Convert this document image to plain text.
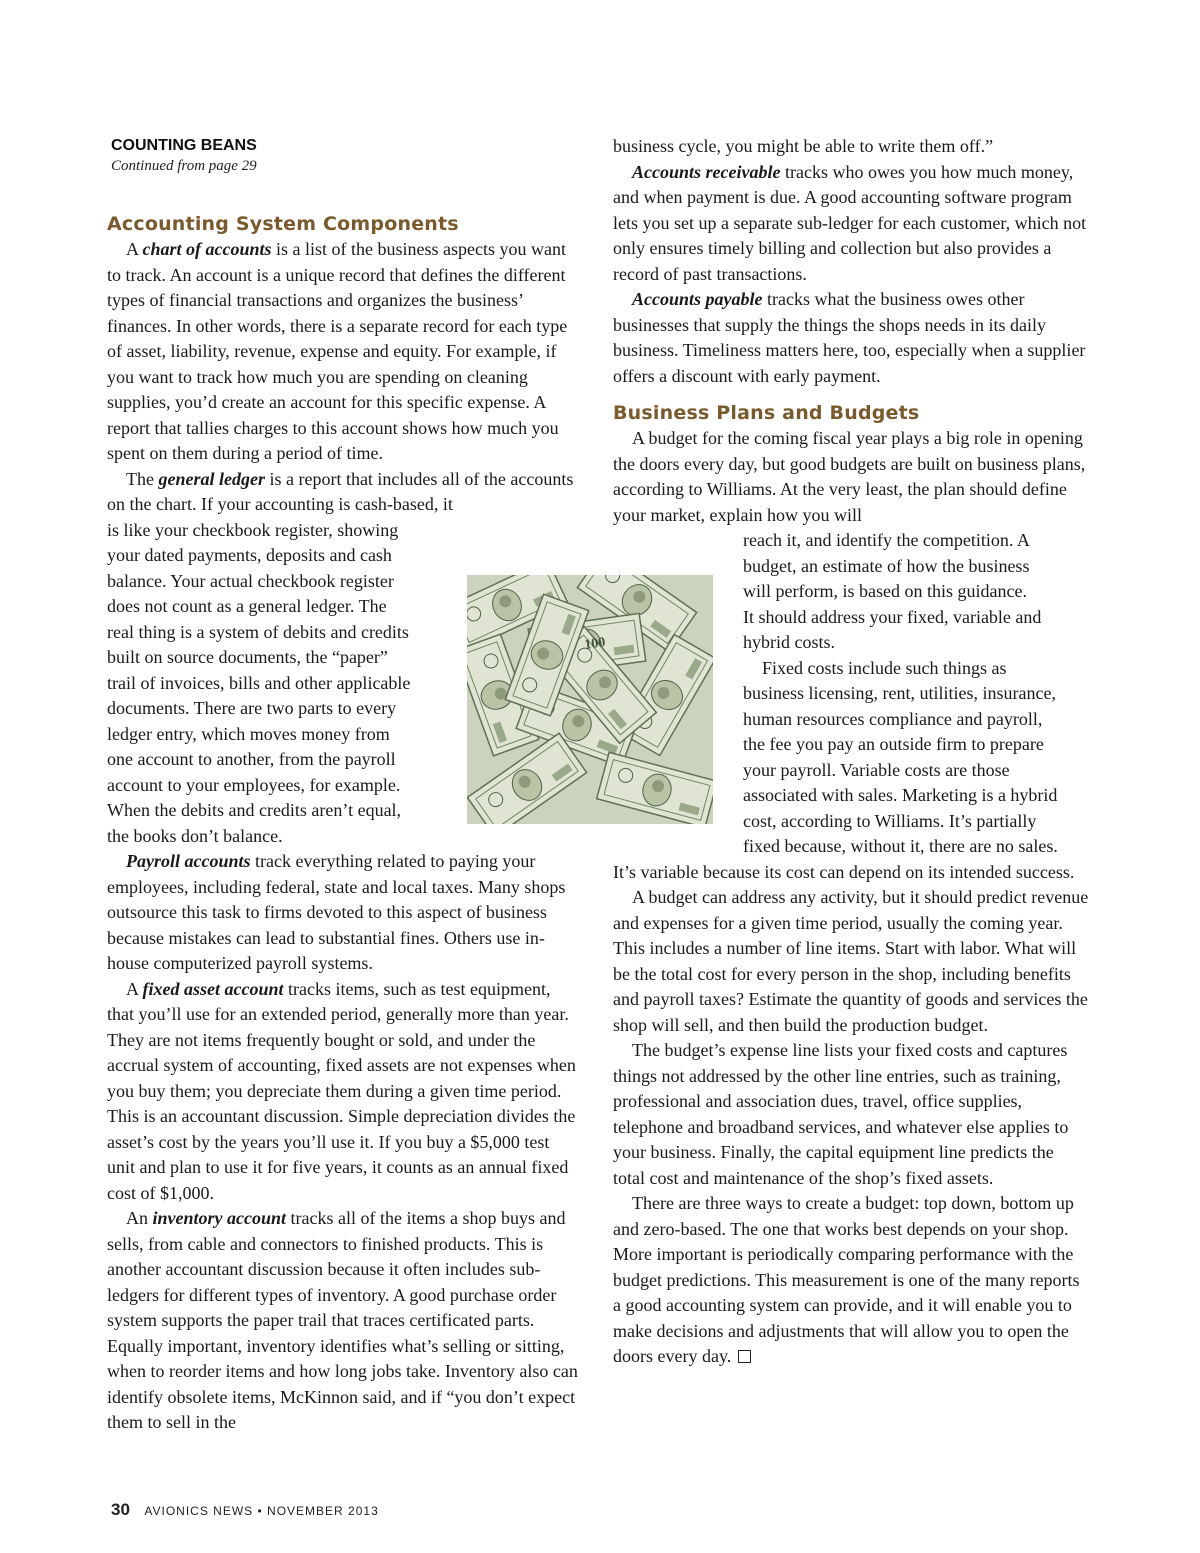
COUNTING BEANS
Continued from page 29
Accounting System Components

A chart of accounts is a list of the business aspects you want to track. An account is a unique record that defines the different types of financial transactions and organizes the business’ finances. In other words, there is a separate record for each type of asset, liability, revenue, expense and equity. For example, if you want to track how much you are spending on cleaning supplies, you’d create an account for this specific expense. A report that tallies charges to this account shows how much you spent on them during a period of time.

The general ledger is a report that includes all of the accounts on the chart. If your accounting is cash-based, it

is like your checkbook register, showing
your dated payments, deposits and cash
balance. Your actual checkbook register
does not count as a general ledger. The
real thing is a system of debits and credits
built on source documents, the “paper”
trail of invoices, bills and other applicable
documents. There are two parts to every
ledger entry, which moves money from
one account to another, from the payroll
account to your employees, for example.
When the debits and credits aren’t equal,
the books don’t balance.

Payroll accounts track everything related to paying your employees, including federal, state and local taxes. Many shops outsource this task to firms devoted to this aspect of business because mistakes can lead to substantial fines. Others use in-house computerized payroll systems.

A fixed asset account tracks items, such as test equipment, that you’ll use for an extended period, generally more than year. They are not items frequently bought or sold, and under the accrual system of accounting, fixed assets are not expenses when you buy them; you depreciate them during a given time period. This is an accountant discussion. Simple depreciation divides the asset’s cost by the years you’ll use it. If you buy a $5,000 test unit and plan to use it for five years, it counts as an annual fixed cost of $1,000.

An inventory account tracks all of the items a shop buys and sells, from cable and connectors to finished products. This is another accountant discussion because it often includes sub-ledgers for different types of inventory. A good purchase order system supports the paper trail that traces certificated parts. Equally important, inventory identifies what’s selling or sitting, when to reorder items and how long jobs take. Inventory also can identify obsolete items, McKinnon said, and if “you don’t expect them to sell in the

100

business cycle, you might be able to write them off.”

Accounts receivable tracks who owes you how much money, and when payment is due. A good accounting software program lets you set up a separate sub-ledger for each customer, which not only ensures timely billing and collection but also provides a record of past transactions.

Accounts payable tracks what the business owes other businesses that supply the things the shops needs in its daily business. Timeliness matters here, too, especially when a supplier offers a discount with early payment.

Business Plans and Budgets

A budget for the coming fiscal year plays a big role in opening the doors every day, but good budgets are built on business plans, according to Williams. At the very least, the plan should define your market, explain how you will

reach it, and identify the competition. A
budget, an estimate of how the business
will perform, is based on this guidance.
It should address your fixed, variable and
hybrid costs.
Fixed costs include such things as
business licensing, rent, utilities, insurance,
human resources compliance and payroll,
the fee you pay an outside firm to prepare
your payroll. Variable costs are those
associated with sales. Marketing is a hybrid
cost, according to Williams. It’s partially
fixed because, without it, there are no sales.

It’s variable because its cost can depend on its intended success.

A budget can address any activity, but it should predict revenue and expenses for a given time period, usually the coming year. This includes a number of line items. Start with labor. What will be the total cost for every person in the shop, including benefits and payroll taxes? Estimate the quantity of goods and services the shop will sell, and then build the production budget.

The budget’s expense line lists your fixed costs and captures things not addressed by the other line entries, such as training, professional and association dues, travel, office supplies, telephone and broadband services, and whatever else applies to your business. Finally, the capital equipment line predicts the total cost and maintenance of the shop’s fixed assets.

There are three ways to create a budget: top down, bottom up and zero-based. The one that works best depends on your shop. More important is periodically comparing performance with the budget predictions. This measurement is one of the many reports a good accounting system can provide, and it will enable you to make decisions and adjustments that will allow you to open the doors every day.

30 AVIONICS NEWS • NOVEMBER 2013
